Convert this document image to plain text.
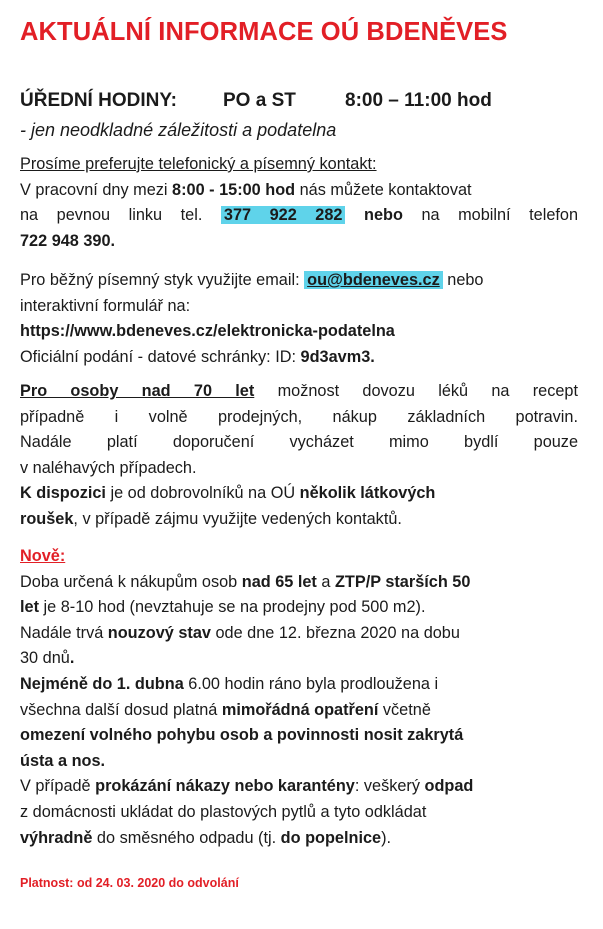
AKTUÁLNÍ INFORMACE OÚ BDENĚVES
ÚŘEDNÍ HODINY: PO a ST	8:00 – 11:00 hod
- jen neodkladné záležitosti a podatelna
Prosíme preferujte telefonický a písemný kontakt:
V pracovní dny mezi 8:00 - 15:00 hod nás můžete kontaktovat
na pevnou linku tel. 377 922 282 nebo na mobilní telefon
722 948 390.
Pro běžný písemný styk využijte email: ou@bdeneves.cz nebo
interaktivní formulář na:
https://www.bdeneves.cz/elektronicka-podatelna
Oficiální podání - datové schránky: ID: 9d3avm3.
Pro osoby nad 70 let možnost dovozu léků na recept
případně i volně prodejných, nákup základních potravin.
Nadále platí doporučení vycházet mimo bydlí pouze
v naléhavých případech.
K dispozici je od dobrovolníků na OÚ několik látkových
roušek, v případě zájmu využijte vedených kontaktů.
Nově:
Doba určená k nákupům osob nad 65 let a ZTP/P starších 50
let je 8-10 hod (nevztahuje se na prodejny pod 500 m2).
Nadále trvá nouzový stav ode dne 12. března 2020 na dobu
30 dnů.
Nejméně do 1. dubna 6.00 hodin ráno byla prodloužena i
všechna další dosud platná mimořádná opatření včetně
omezení volného pohybu osob a povinnosti nosit zakrytá
ústa a nos.
V případě prokázání nákazy nebo karantény: veškerý odpad
z domácnosti ukládat do plastových pytlů a tyto odkládat
výhradně do směsného odpadu (tj. do popelnice).
Platnost: od 24. 03. 2020 do odvolání
